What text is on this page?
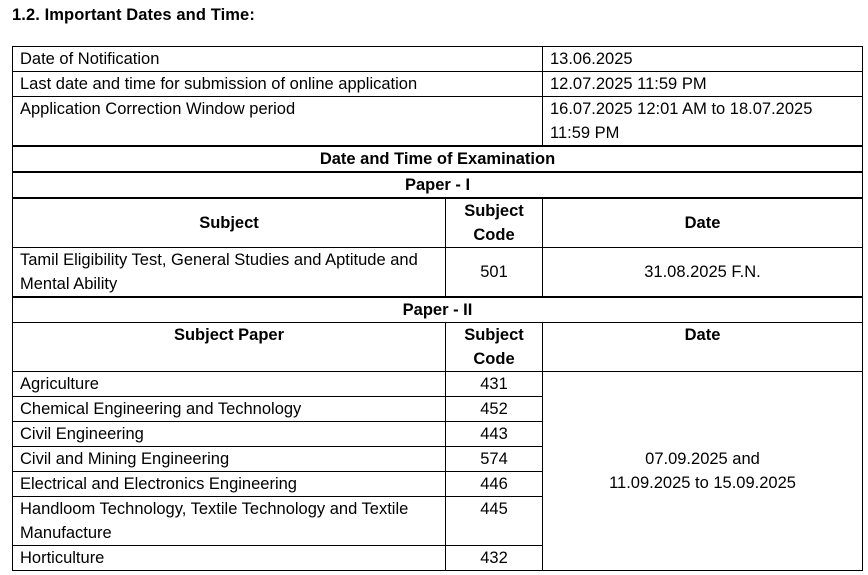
1.2. Important Dates and Time:
Date of Notification		13.06.2025
Last date and time for submission of online application		12.07.2025 11:59 PM
Application Correction Window period		16.07.2025 12:01 AM to 18.07.2025 11:59 PM
Date and Time of Examination		
Paper - I		
Subject	Subject Code	Date
Tamil Eligibility Test, General Studies and Aptitude and Mental Ability	501	31.08.2025 F.N.
Paper - II		
Subject Paper	Subject Code	Date
Agriculture	431	07.09.2025 and
11.09.2025 to 15.09.2025

Chemical Engineering and Technology	452	
Civil Engineering	443	
Civil and Mining Engineering	574	
Electrical and Electronics Engineering	446	
Handloom Technology, Textile Technology and Textile Manufacture	445	
Horticulture	432	
